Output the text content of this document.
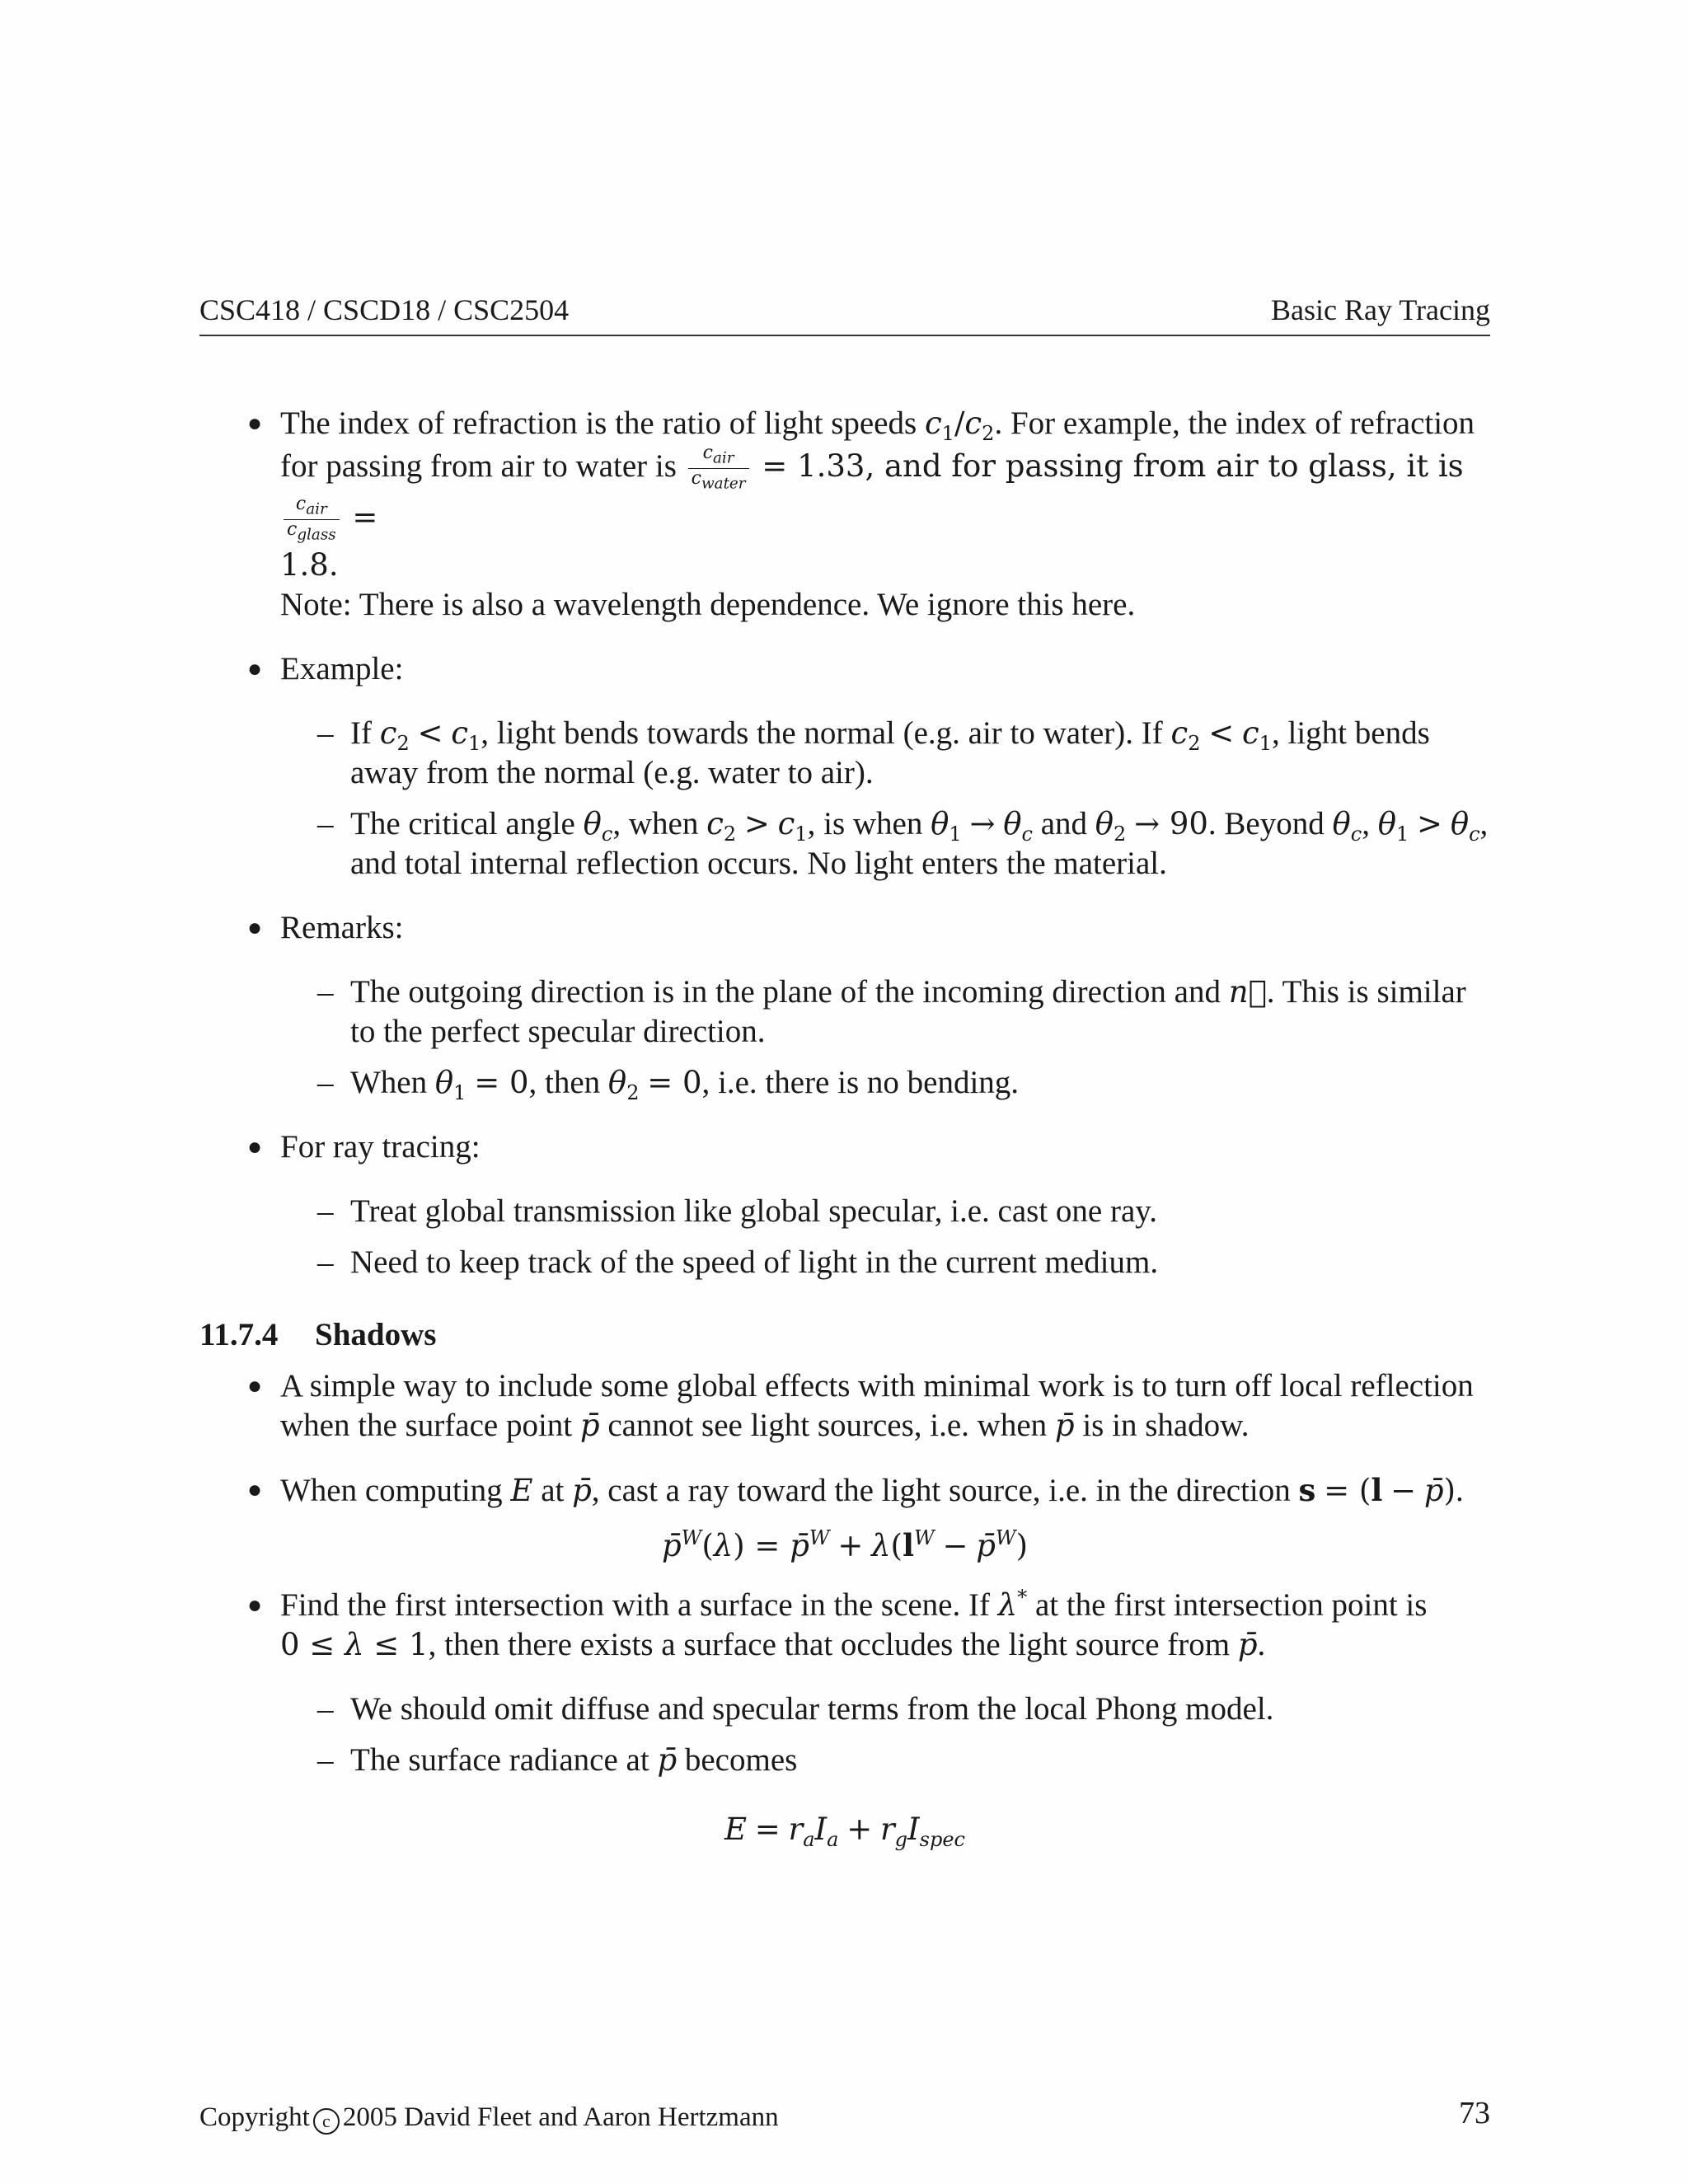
CSC418 / CSCD18 / CSC2504	Basic Ray Tracing
● The index of refraction is the ratio of light speeds $c_1/c_2$. For example, the index of refraction
for passing from air to water is $\frac{c_{air}}{c_{water}} = 1.33$, and for passing from air to glass, it is
$\frac{c_{air}}{c_{glass}}$ =
1.8.
Note: There is also a wavelength dependence. We ignore this here.
● Example:
– If $c_2 < c_1$, light bends towards the normal (e.g. air to water). If $c_2 < c_1$, light bends
away from the normal (e.g. water to air).
– The critical angle $\theta_c$, when $c_2 > c_1$, is when $\theta_1 \to \theta_c$ and $\theta_2 \to 90$. Beyond $\theta_c$, $\theta_1 > \theta_c$,
and total internal reflection occurs. No light enters the material.
● Remarks:
– The outgoing direction is in the plane of the incoming direction and n⃗. This is similar
to the perfect specular direction.
– When $\theta_1 = 0$, then $\theta_2 = 0$, i.e. there is no bending.
● For ray tracing:
– Treat global transmission like global specular, i.e. cast one ray.
– Need to keep track of the speed of light in the current medium.
11.7.4 Shadows
● A simple way to include some global effects with minimal work is to turn off local reflection
when the surface point p̄ cannot see light sources, i.e. when p̄ is in shadow.
● When computing E at p̄, cast a ray toward the light source, i.e. in the direction s = (l − p̄).
p̄$^W$(λ) = p̄$^W$ + $\lambda(l^W$ − p̄$^W$)
● Find the first intersection with a surface in the scene. If λ* at the first intersection point is
0 ≤ λ ≤ 1, then there exists a surface that occludes the light source from p̄.
– We should omit diffuse and specular terms from the local Phong model.
– The surface radiance at p̄ becomes
$E = r_aI_a + r_gI_{spec}$
Copyright c 2005 David Fleet and Aaron Hertzmann	73
